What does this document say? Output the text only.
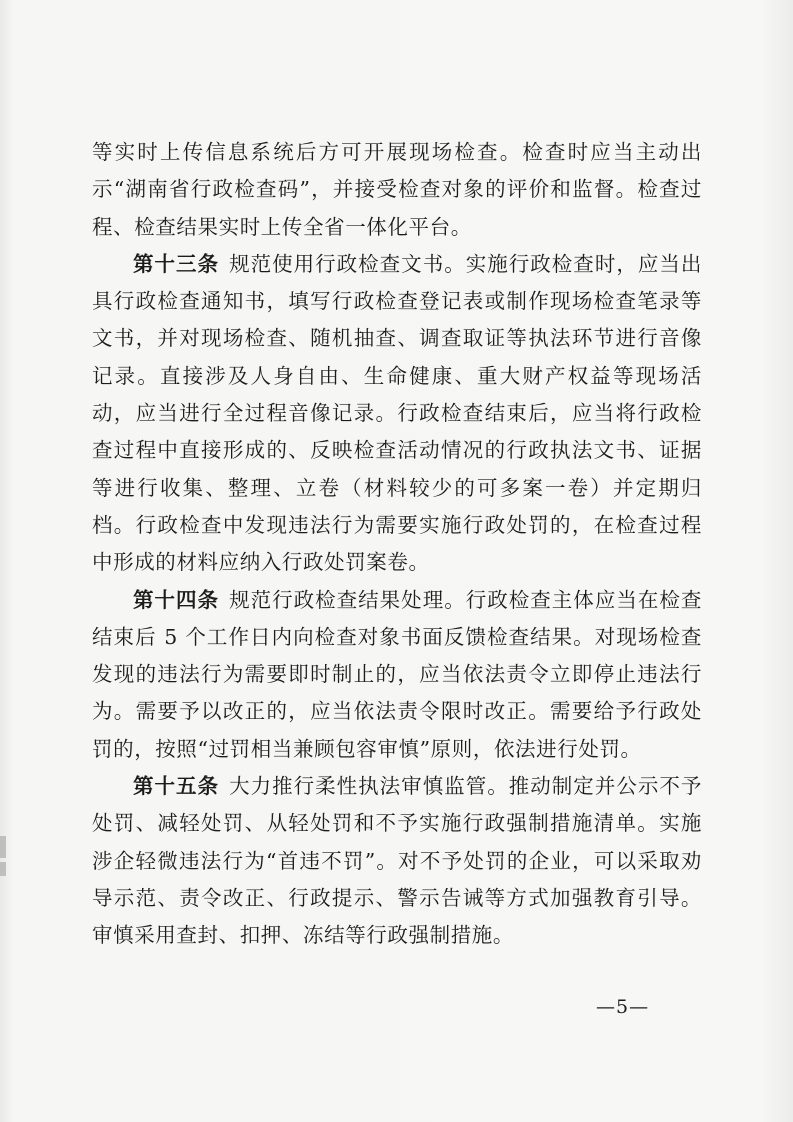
等实时上传信息系统后方可开展现场检查。检查时应当主动出示“湖南省行政检查码”，并接受检查对象的评价和监督。检查过程、检查结果实时上传全省一体化平台。

第十三条 规范使用行政检查文书。实施行政检查时，应当出具行政检查通知书，填写行政检查登记表或制作现场检查笔录等文书，并对现场检查、随机抽查、调查取证等执法环节进行音像记录。直接涉及人身自由、生命健康、重大财产权益等现场活动，应当进行全过程音像记录。行政检查结束后，应当将行政检查过程中直接形成的、反映检查活动情况的行政执法文书、证据等进行收集、整理、立卷（材料较少的可多案一卷）并定期归档。行政检查中发现违法行为需要实施行政处罚的，在检查过程中形成的材料应纳入行政处罚案卷。

第十四条 规范行政检查结果处理。行政检查主体应当在检查结束后 5 个工作日内向检查对象书面反馈检查结果。对现场检查发现的违法行为需要即时制止的，应当依法责令立即停止违法行为。需要予以改正的，应当依法责令限时改正。需要给予行政处罚的，按照“过罚相当兼顾包容审慎”原则，依法进行处罚。

第十五条 大力推行柔性执法审慎监管。推动制定并公示不予处罚、减轻处罚、从轻处罚和不予实施行政强制措施清单。实施涉企轻微违法行为“首违不罚”。对不予处罚的企业，可以采取劝导示范、责令改正、行政提示、警示告诫等方式加强教育引导。审慎采用查封、扣押、冻结等行政强制措施。

—5—
